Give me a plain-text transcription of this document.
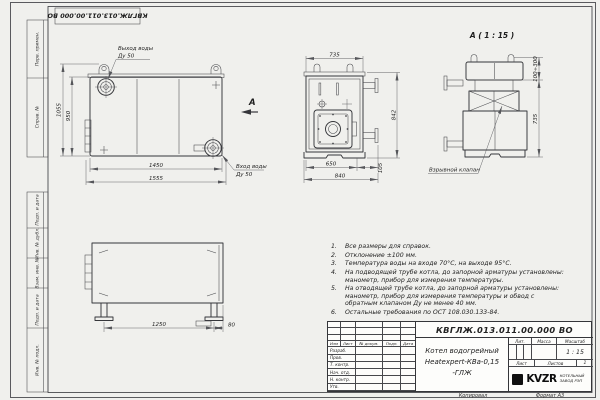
Перв. примен.
Справ. №
Подп. и дата
Инв. № дубл.
Взам. инв. №
Подп. и дата
Инв. № подл.
КВГЛЖ.013.011.00.000 ВО
1055 950
1450
1555
Выход воды
Ду 50
Вход воды
Ду 50
А
735
842
650	105
840
А ( 1 : 15 )
Взрывной клапан
100÷300
735
1250	80
1.	Все размеры для справок.
2.	Отклонение ±100 мм.
3.	Температура воды на входе 70°С, на выходе 95°С.
4.	На подводящей трубе котла, до запорной арматуры установлены: манометр, прибор для измерения температуры.
5.	На отводящей трубе котла, до запорной арматуры установлены: манометр, прибор для измерения температуры и обвод с обратным клапаном Ду не менее 40 мм.
6.	Остальные требования по ОСТ 108.030.133-84.
Изм	Лист	№ докум.	Подп.	Дата
Разраб.
Пров.
Т. контр.
Нач. отд.
Н. контр.
Утв.
КВГЛЖ.013.011.00.000 ВО
Котел водогрейный
Heatexpert-КВа-0,15 -ГЛЖ
Лит.	Масса	Масштаб
1 : 15
Лист	Листов	1
KVZR КОТЕЛЬНЫЙ
ЗАВОД РЭП
Копировал	Формат А3
